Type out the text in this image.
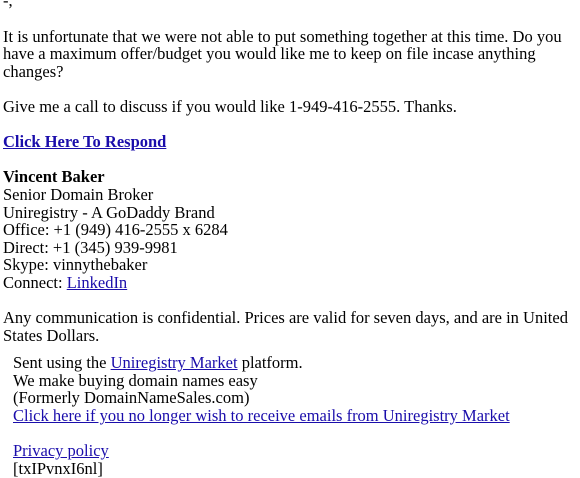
-,
It is unfortunate that we were not able to put something together at this time. Do you have a maximum offer/budget you would like me to keep on file incase anything changes?
Give me a call to discuss if you would like 1-949-416-2555. Thanks.
Click Here To Respond
Vincent Baker
Senior Domain Broker
Uniregistry - A GoDaddy Brand
Office: +1 (949) 416-2555 x 6284
Direct: +1 (345) 939-9981
Skype: vinnythebaker
Connect: LinkedIn
Any communication is confidential. Prices are valid for seven days, and are in United States Dollars.
Sent using the Uniregistry Market platform.
We make buying domain names easy
(Formerly DomainNameSales.com)
Click here if you no longer wish to receive emails from Uniregistry Market
Privacy policy
[txIPvnxI6nl]
